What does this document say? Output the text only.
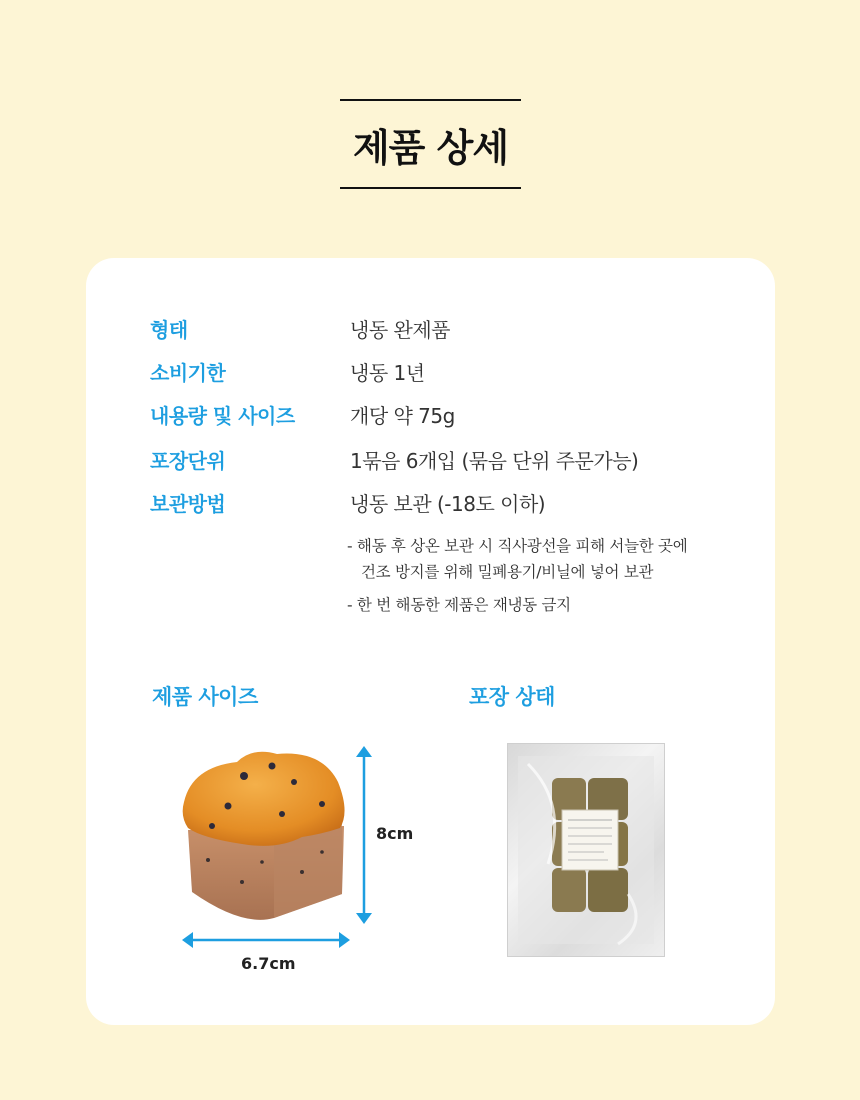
제품 상세
형태	냉동 완제품
소비기한	냉동 1년
내용량 및 사이즈	개당 약 75g
포장단위	1묶음 6개입 (묶음 단위 주문가능)
보관방법	냉동 보관 (-18도 이하)
- 해동 후 상온 보관 시 직사광선을 피해 서늘한 곳에
건조 방지를 위해 밀폐용기/비닐에 넣어 보관
- 한 번 해동한 제품은 재냉동 금지
제품 사이즈	포장 상태
8cm
6.7cm
